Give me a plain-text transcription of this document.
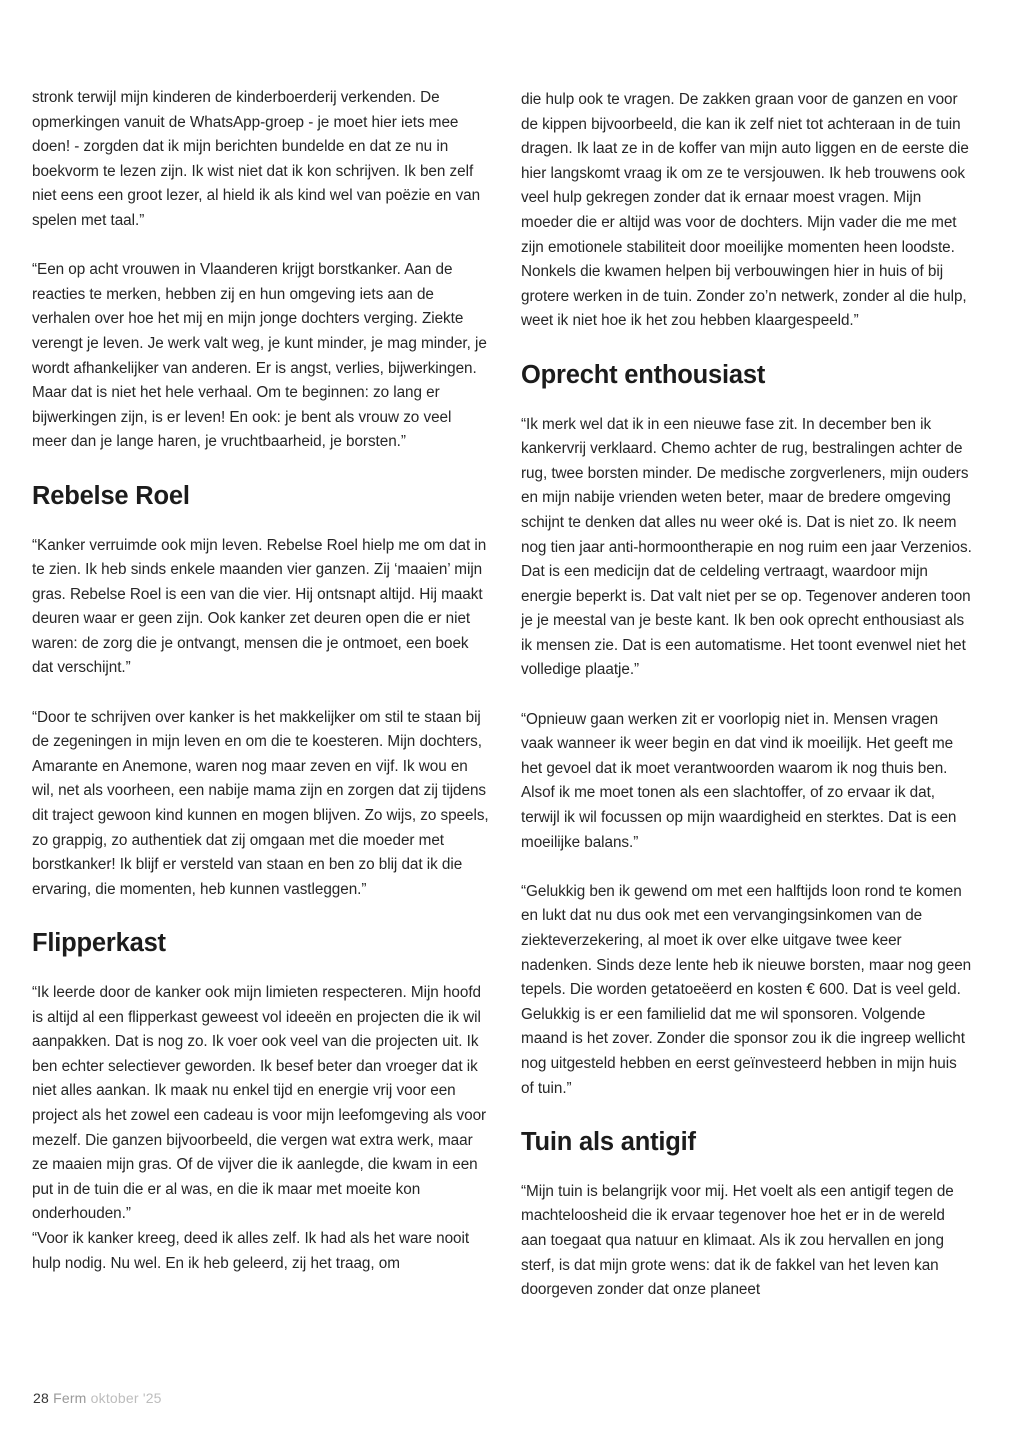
stronk terwijl mijn kinderen de kinderboerderij verkenden. De opmerkingen vanuit de WhatsApp-groep - je moet hier iets mee doen! - zorgden dat ik mijn berichten bundelde en dat ze nu in boekvorm te lezen zijn. Ik wist niet dat ik kon schrijven. Ik ben zelf niet eens een groot lezer, al hield ik als kind wel van poëzie en van spelen met taal.”

“Een op acht vrouwen in Vlaanderen krijgt borstkanker. Aan de reacties te merken, hebben zij en hun omgeving iets aan de verhalen over hoe het mij en mijn jonge dochters verging. Ziekte verengt je leven. Je werk valt weg, je kunt minder, je mag minder, je wordt afhankelijker van anderen. Er is angst, verlies, bijwerkingen. Maar dat is niet het hele verhaal. Om te beginnen: zo lang er bijwerkingen zijn, is er leven! En ook: je bent als vrouw zo veel meer dan je lange haren, je vruchtbaarheid, je borsten.”

Rebelse Roel

“Kanker verruimde ook mijn leven. Rebelse Roel hielp me om dat in te zien. Ik heb sinds enkele maanden vier ganzen. Zij ‘maaien’ mijn gras. Rebelse Roel is een van die vier. Hij ontsnapt altijd. Hij maakt deuren waar er geen zijn. Ook kanker zet deuren open die er niet waren: de zorg die je ontvangt, mensen die je ontmoet, een boek dat verschijnt.”

“Door te schrijven over kanker is het makkelijker om stil te staan bij de zegeningen in mijn leven en om die te koesteren. Mijn dochters, Amarante en Anemone, waren nog maar zeven en vijf. Ik wou en wil, net als voorheen, een nabije mama zijn en zorgen dat zij tijdens dit traject gewoon kind kunnen en mogen blijven. Zo wijs, zo speels, zo grappig, zo authentiek dat zij omgaan met die moeder met borstkanker! Ik blijf er versteld van staan en ben zo blij dat ik die ervaring, die momenten, heb kunnen vastleggen.”

Flipperkast

“Ik leerde door de kanker ook mijn limieten respecteren. Mijn hoofd is altijd al een flipperkast geweest vol ideeën en projecten die ik wil aanpakken. Dat is nog zo. Ik voer ook veel van die projecten uit. Ik ben echter selectiever geworden. Ik besef beter dan vroeger dat ik niet alles aankan. Ik maak nu enkel tijd en energie vrij voor een project als het zowel een cadeau is voor mijn leefomgeving als voor mezelf. Die ganzen bijvoorbeeld, die vergen wat extra werk, maar ze maaien mijn gras. Of de vijver die ik aanlegde, die kwam in een put in de tuin die er al was, en die ik maar met moeite kon onderhouden.”

“Voor ik kanker kreeg, deed ik alles zelf. Ik had als het ware nooit hulp nodig. Nu wel. En ik heb geleerd, zij het traag, om

die hulp ook te vragen. De zakken graan voor de ganzen en voor de kippen bijvoorbeeld, die kan ik zelf niet tot achteraan in de tuin dragen. Ik laat ze in de koffer van mijn auto liggen en de eerste die hier langskomt vraag ik om ze te versjouwen. Ik heb trouwens ook veel hulp gekregen zonder dat ik ernaar moest vragen. Mijn moeder die er altijd was voor de dochters. Mijn vader die me met zijn emotionele stabiliteit door moeilijke momenten heen loodste. Nonkels die kwamen helpen bij verbouwingen hier in huis of bij grotere werken in de tuin. Zonder zo’n netwerk, zonder al die hulp, weet ik niet hoe ik het zou hebben klaargespeeld.”

Oprecht enthousiast

“Ik merk wel dat ik in een nieuwe fase zit. In december ben ik kankervrij verklaard. Chemo achter de rug, bestralingen achter de rug, twee borsten minder. De medische zorgverleners, mijn ouders en mijn nabije vrienden weten beter, maar de bredere omgeving schijnt te denken dat alles nu weer oké is. Dat is niet zo. Ik neem nog tien jaar anti-hormoontherapie en nog ruim een jaar Verzenios. Dat is een medicijn dat de celdeling vertraagt, waardoor mijn energie beperkt is. Dat valt niet per se op. Tegenover anderen toon je je meestal van je beste kant. Ik ben ook oprecht enthousiast als ik mensen zie. Dat is een automatisme. Het toont evenwel niet het volledige plaatje.”

“Opnieuw gaan werken zit er voorlopig niet in. Mensen vragen vaak wanneer ik weer begin en dat vind ik moeilijk. Het geeft me het gevoel dat ik moet verantwoorden waarom ik nog thuis ben. Alsof ik me moet tonen als een slachtoffer, of zo ervaar ik dat, terwijl ik wil focussen op mijn waardigheid en sterktes. Dat is een moeilijke balans.”

“Gelukkig ben ik gewend om met een halftijds loon rond te komen en lukt dat nu dus ook met een vervangingsinkomen van de ziekteverzekering, al moet ik over elke uitgave twee keer nadenken. Sinds deze lente heb ik nieuwe borsten, maar nog geen tepels. Die worden getatoeëerd en kosten € 600. Dat is veel geld. Gelukkig is er een familielid dat me wil sponsoren. Volgende maand is het zover. Zonder die sponsor zou ik die ingreep wellicht nog uitgesteld hebben en eerst geïnvesteerd hebben in mijn huis of tuin.”

Tuin als antigif

“Mijn tuin is belangrijk voor mij. Het voelt als een antigif tegen de machteloosheid die ik ervaar tegenover hoe het er in de wereld aan toegaat qua natuur en klimaat. Als ik zou hervallen en jong sterf, is dat mijn grote wens: dat ik de fakkel van het leven kan doorgeven zonder dat onze planeet

28 Ferm oktober '25
